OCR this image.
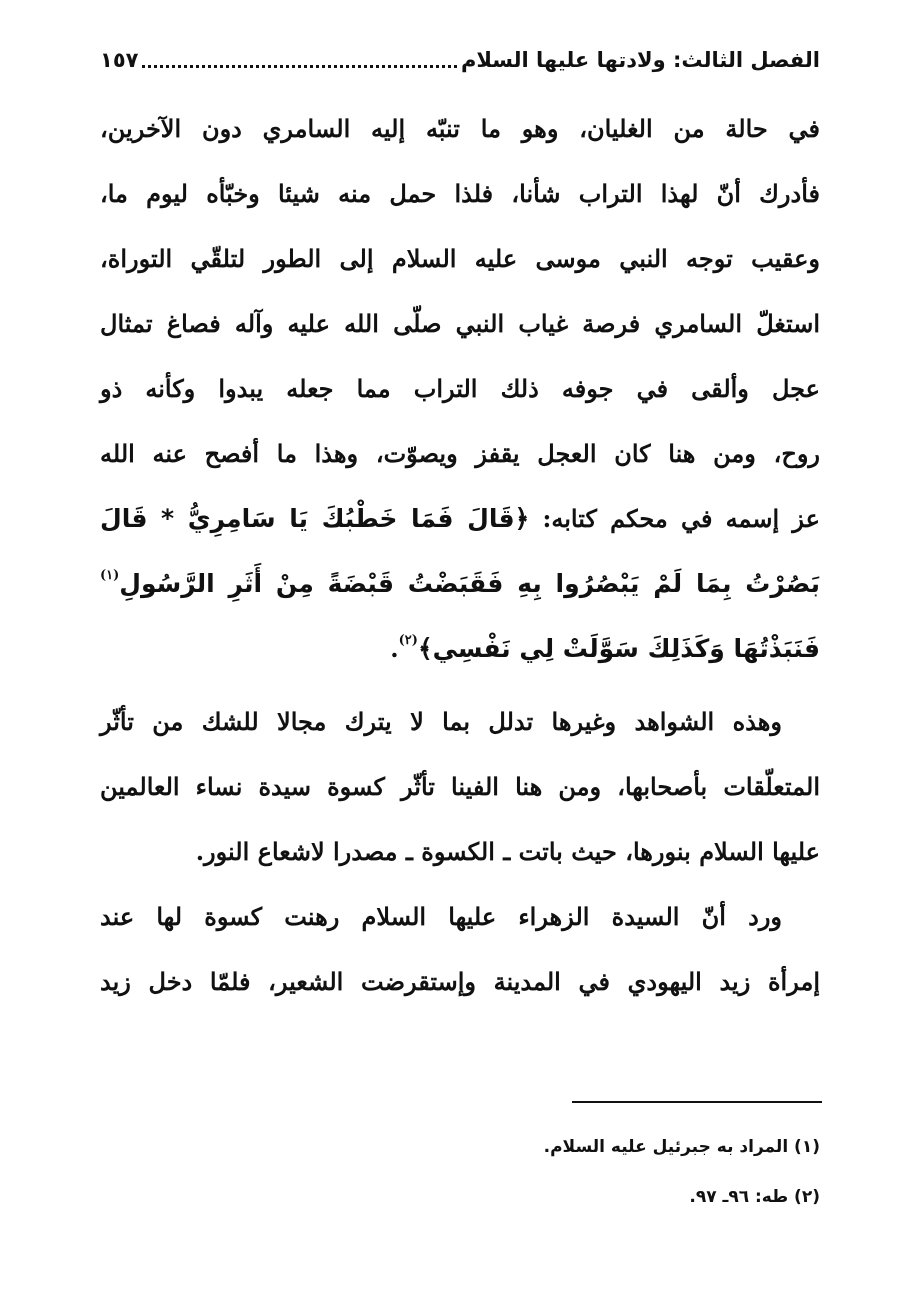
الفصل الثالث: ولادتها عليها السلام
١٥٧
في حالة من الغليان، وهو ما تنبّه إليه السامري دون الآخرين،
فأدرك أنّ لهذا التراب شأنا، فلذا حمل منه شيئا وخبّأه ليوم ما،
وعقيب توجه النبي موسى عليه السلام إلى الطور لتلقّي التوراة،
استغلّ السامري فرصة غياب النبي صلّى الله عليه وآله فصاغ تمثال
عجل وألقى في جوفه ذلك التراب مما جعله يبدوا وكأنه ذو
روح، ومن هنا كان العجل يقفز ويصوّت، وهذا ما أفصح عنه الله
عز إسمه في محكم كتابه: ﴿قَالَ فَمَا خَطْبُكَ يَا سَامِرِيُّ * قَالَ
بَصُرْتُ بِمَا لَمْ يَبْصُرُوا بِهِ فَقَبَضْتُ قَبْضَةً مِنْ أَثَرِ الرَّسُولِ$^{(١)}$
فَنَبَذْتُهَا وَكَذَلِكَ سَوَّلَتْ لِي نَفْسِي﴾$^{(٢)}$.
وهذه الشواهد وغيرها تدلل بما لا يترك مجالا للشك من تأثّر
المتعلّقات بأصحابها، ومن هنا الفينا تأثّر كسوة سيدة نساء العالمين
عليها السلام بنورها، حيث باتت ـ الكسوة ـ مصدرا لاشعاع النور.
ورد أنّ السيدة الزهراء عليها السلام رهنت كسوة لها عند
إمرأة زيد اليهودي في المدينة وإستقرضت الشعير، فلمّا دخل زيد
(١) المراد به جبرئيل عليه السلام.
(٢) طه: ٩٦ـ ٩٧.
